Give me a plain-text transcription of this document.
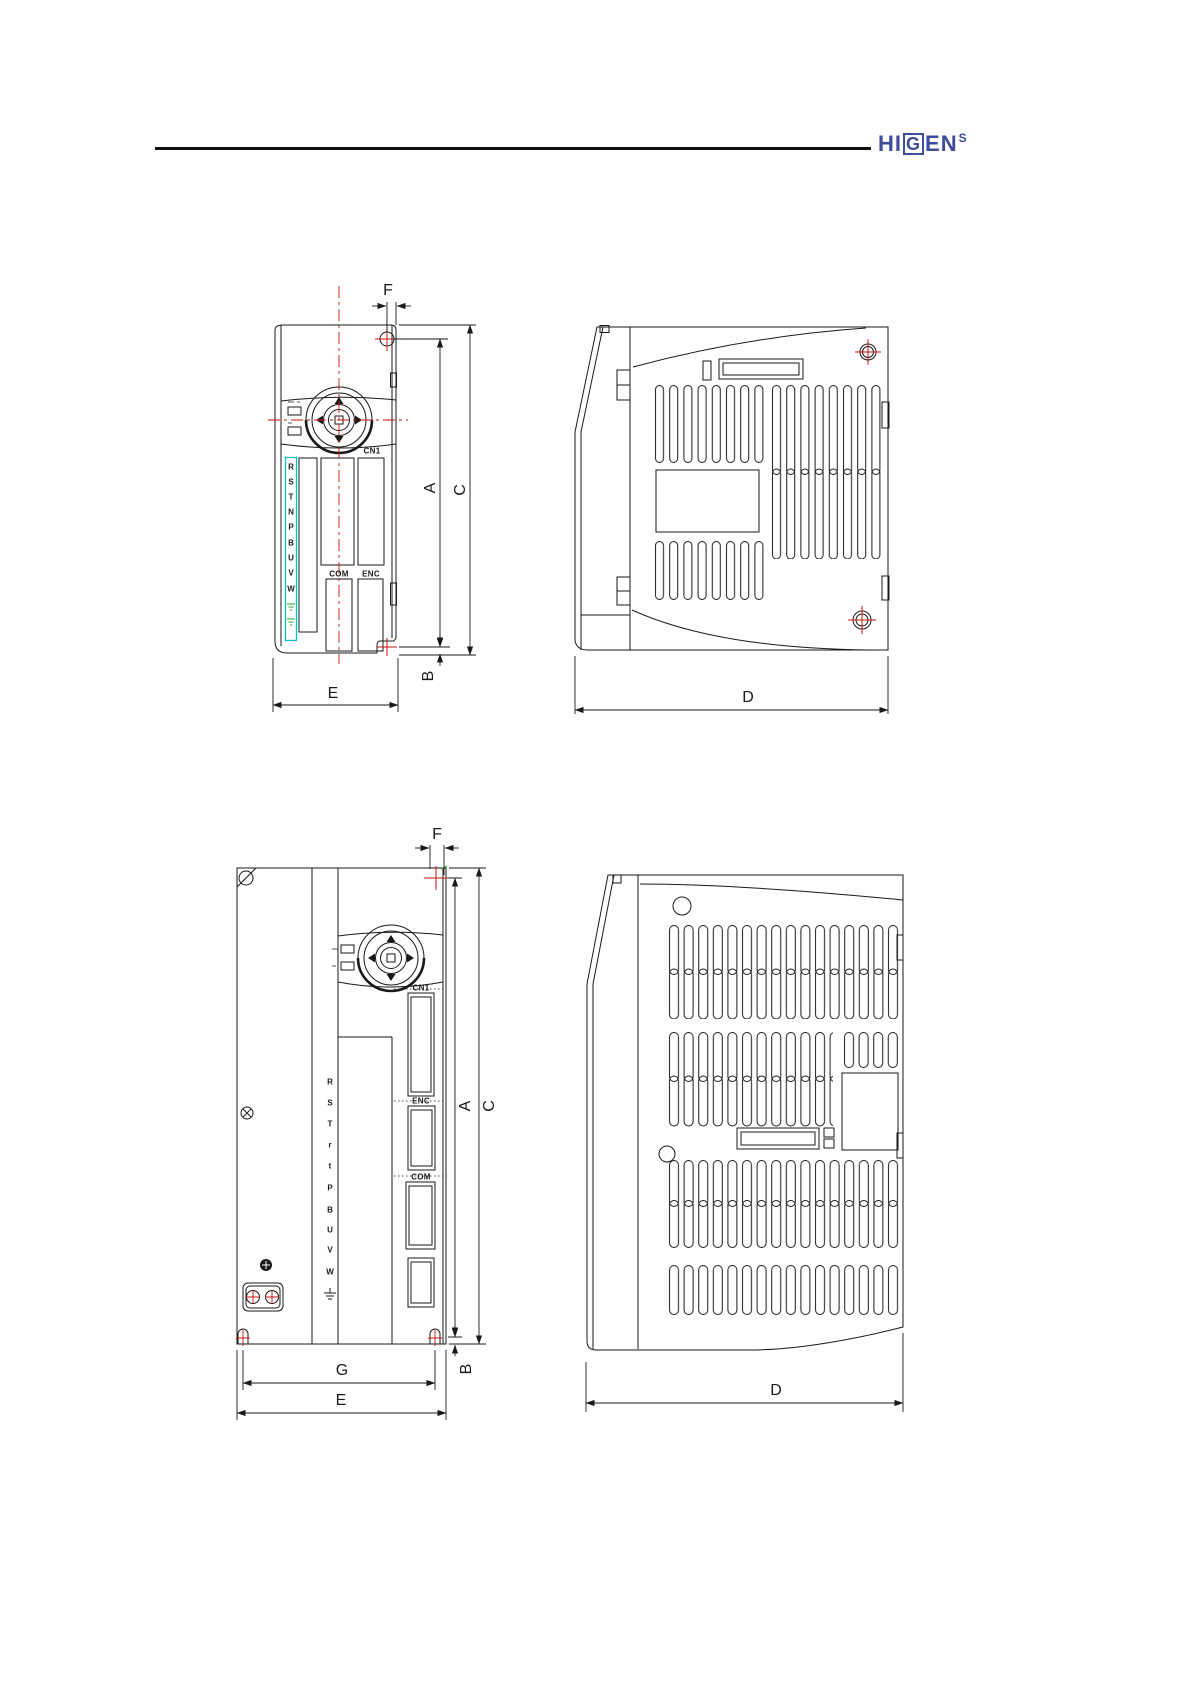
HI G $EN^S$
F
A C
B
E
CN1
COM ENC
R
S
T
N
P
B
U
V
W
D
F
A C
B
G
E
CN1
ENC
COM
R
S
T
r
t
P
B
U
V
W
D
